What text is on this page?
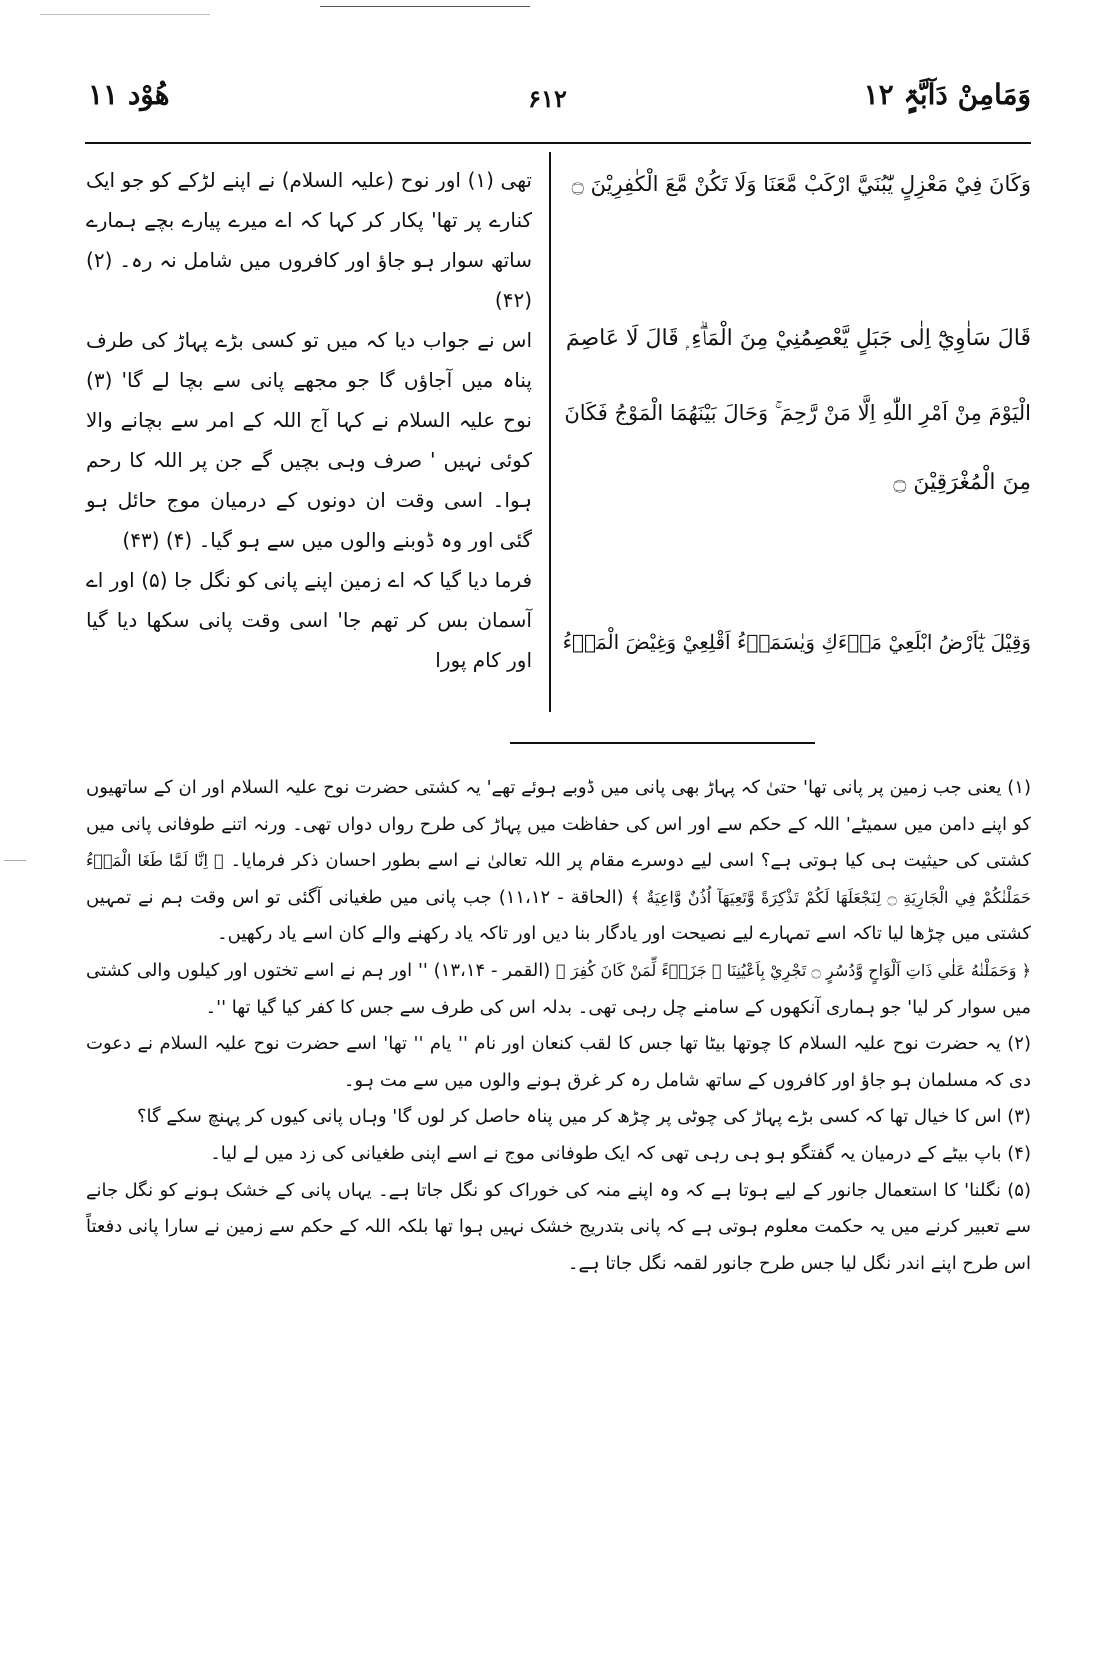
وَمَامِنْ دَآبَّۃٍ ۱۲
۶۱۲
ھُوْد ۱۱
وَكَانَ فِيْ مَعْزِلٍ يّٰبُنَيَّ ارْكَبْ مَّعَنَا وَلَا تَكُنْ مَّعَ الْكٰفِرِيْنَ ۝
قَالَ سَاٰوِيْٓ اِلٰى جَبَلٍ يَّعْصِمُنِيْ مِنَ الْمَاۗءِ ۭ قَالَ لَا عَاصِمَ
الْيَوْمَ مِنْ اَمْرِ اللّٰهِ اِلَّا مَنْ رَّحِمَ ۚ وَحَالَ بَيْنَهُمَا الْمَوْجُ فَكَانَ
مِنَ الْمُغْرَقِيْنَ ۝
وَقِيْلَ يٰٓاَرْضُ ابْلَعِيْ مَاۗءَكِ وَيٰسَمَاۗءُ اَقْلِعِيْ وَغِيْضَ الْمَاۗءُ

تھی (۱) اور نوح (علیہ السلام) نے اپنے لڑکے کو جو ایک کنارے پر تھا' پکار کر کہا کہ اے میرے پیارے بچے ہمارے ساتھ سوار ہو جاؤ اور کافروں میں شامل نہ رہ۔ (۲) (۴۲)

اس نے جواب دیا کہ میں تو کسی بڑے پہاڑ کی طرف پناہ میں آجاؤں گا جو مجھے پانی سے بچا لے گا' (۳) نوح علیہ السلام نے کہا آج اللہ کے امر سے بچانے والا کوئی نہیں ' صرف وہی بچیں گے جن پر اللہ کا رحم ہوا۔ اسی وقت ان دونوں کے درمیان موج حائل ہو گئی اور وہ ڈوبنے والوں میں سے ہو گیا۔ (۴) (۴۳)

فرما دیا گیا کہ اے زمین اپنے پانی کو نگل جا (۵) اور اے آسمان بس کر تھم جا' اسی وقت پانی سکھا دیا گیا اور کام پورا

(۱) یعنی جب زمین پر پانی تھا' حتیٰ کہ پہاڑ بھی پانی میں ڈوبے ہوئے تھے' یہ کشتی حضرت نوح علیہ السلام اور ان کے ساتھیوں کو اپنے دامن میں سمیٹے' اللہ کے حکم سے اور اس کی حفاظت میں پہاڑ کی طرح رواں دواں تھی۔ ورنہ اتنے طوفانی پانی میں کشتی کی حیثیت ہی کیا ہوتی ہے؟ اسی لیے دوسرے مقام پر اللہ تعالیٰ نے اسے بطور احسان ذکر فرمایا۔ ﴿ اِنَّا لَمَّا طَغَا الْمَاۗءُ حَمَلْنٰكُمْ فِي الْجَارِيَةِ ۝ لِنَجْعَلَهَا لَكُمْ تَذْكِرَةً وَّتَعِيَهَآ اُذُنٌ وَّاعِيَةٌ ﴾ (الحاقة - ۱۱،۱۲) جب پانی میں طغیانی آگئی تو اس وقت ہم نے تمہیں کشتی میں چڑھا لیا تاکہ اسے تمہارے لیے نصیحت اور یادگار بنا دیں اور تاکہ یاد رکھنے والے کان اسے یاد رکھیں۔

﴿ وَحَمَلْنٰهُ عَلٰي ذَاتِ اَلْوَاحٍ وَّدُسُرٍ ۝ تَجْرِيْ بِاَعْيُنِنَا ۚ جَزَاۗءً لِّمَنْ كَانَ كُفِرَ ﴾ (القمر - ۱۳،۱۴) '' اور ہم نے اسے تختوں اور کیلوں والی کشتی میں سوار کر لیا' جو ہماری آنکھوں کے سامنے چل رہی تھی۔ بدلہ اس کی طرف سے جس کا کفر کیا گیا تھا ''۔

(۲) یہ حضرت نوح علیہ السلام کا چوتھا بیٹا تھا جس کا لقب کنعان اور نام '' یام '' تھا' اسے حضرت نوح علیہ السلام نے دعوت دی کہ مسلمان ہو جاؤ اور کافروں کے ساتھ شامل رہ کر غرق ہونے والوں میں سے مت ہو۔

(۳) اس کا خیال تھا کہ کسی بڑے پہاڑ کی چوٹی پر چڑھ کر میں پناہ حاصل کر لوں گا' وہاں پانی کیوں کر پہنچ سکے گا؟

(۴) باپ بیٹے کے درمیان یہ گفتگو ہو ہی رہی تھی کہ ایک طوفانی موج نے اسے اپنی طغیانی کی زد میں لے لیا۔

(۵) نگلنا' کا استعمال جانور کے لیے ہوتا ہے کہ وہ اپنے منہ کی خوراک کو نگل جاتا ہے۔ یہاں پانی کے خشک ہونے کو نگل جانے سے تعبیر کرنے میں یہ حکمت معلوم ہوتی ہے کہ پانی بتدریج خشک نہیں ہوا تھا بلکہ اللہ کے حکم سے زمین نے سارا پانی دفعتاً اس طرح اپنے اندر نگل لیا جس طرح جانور لقمہ نگل جاتا ہے۔
